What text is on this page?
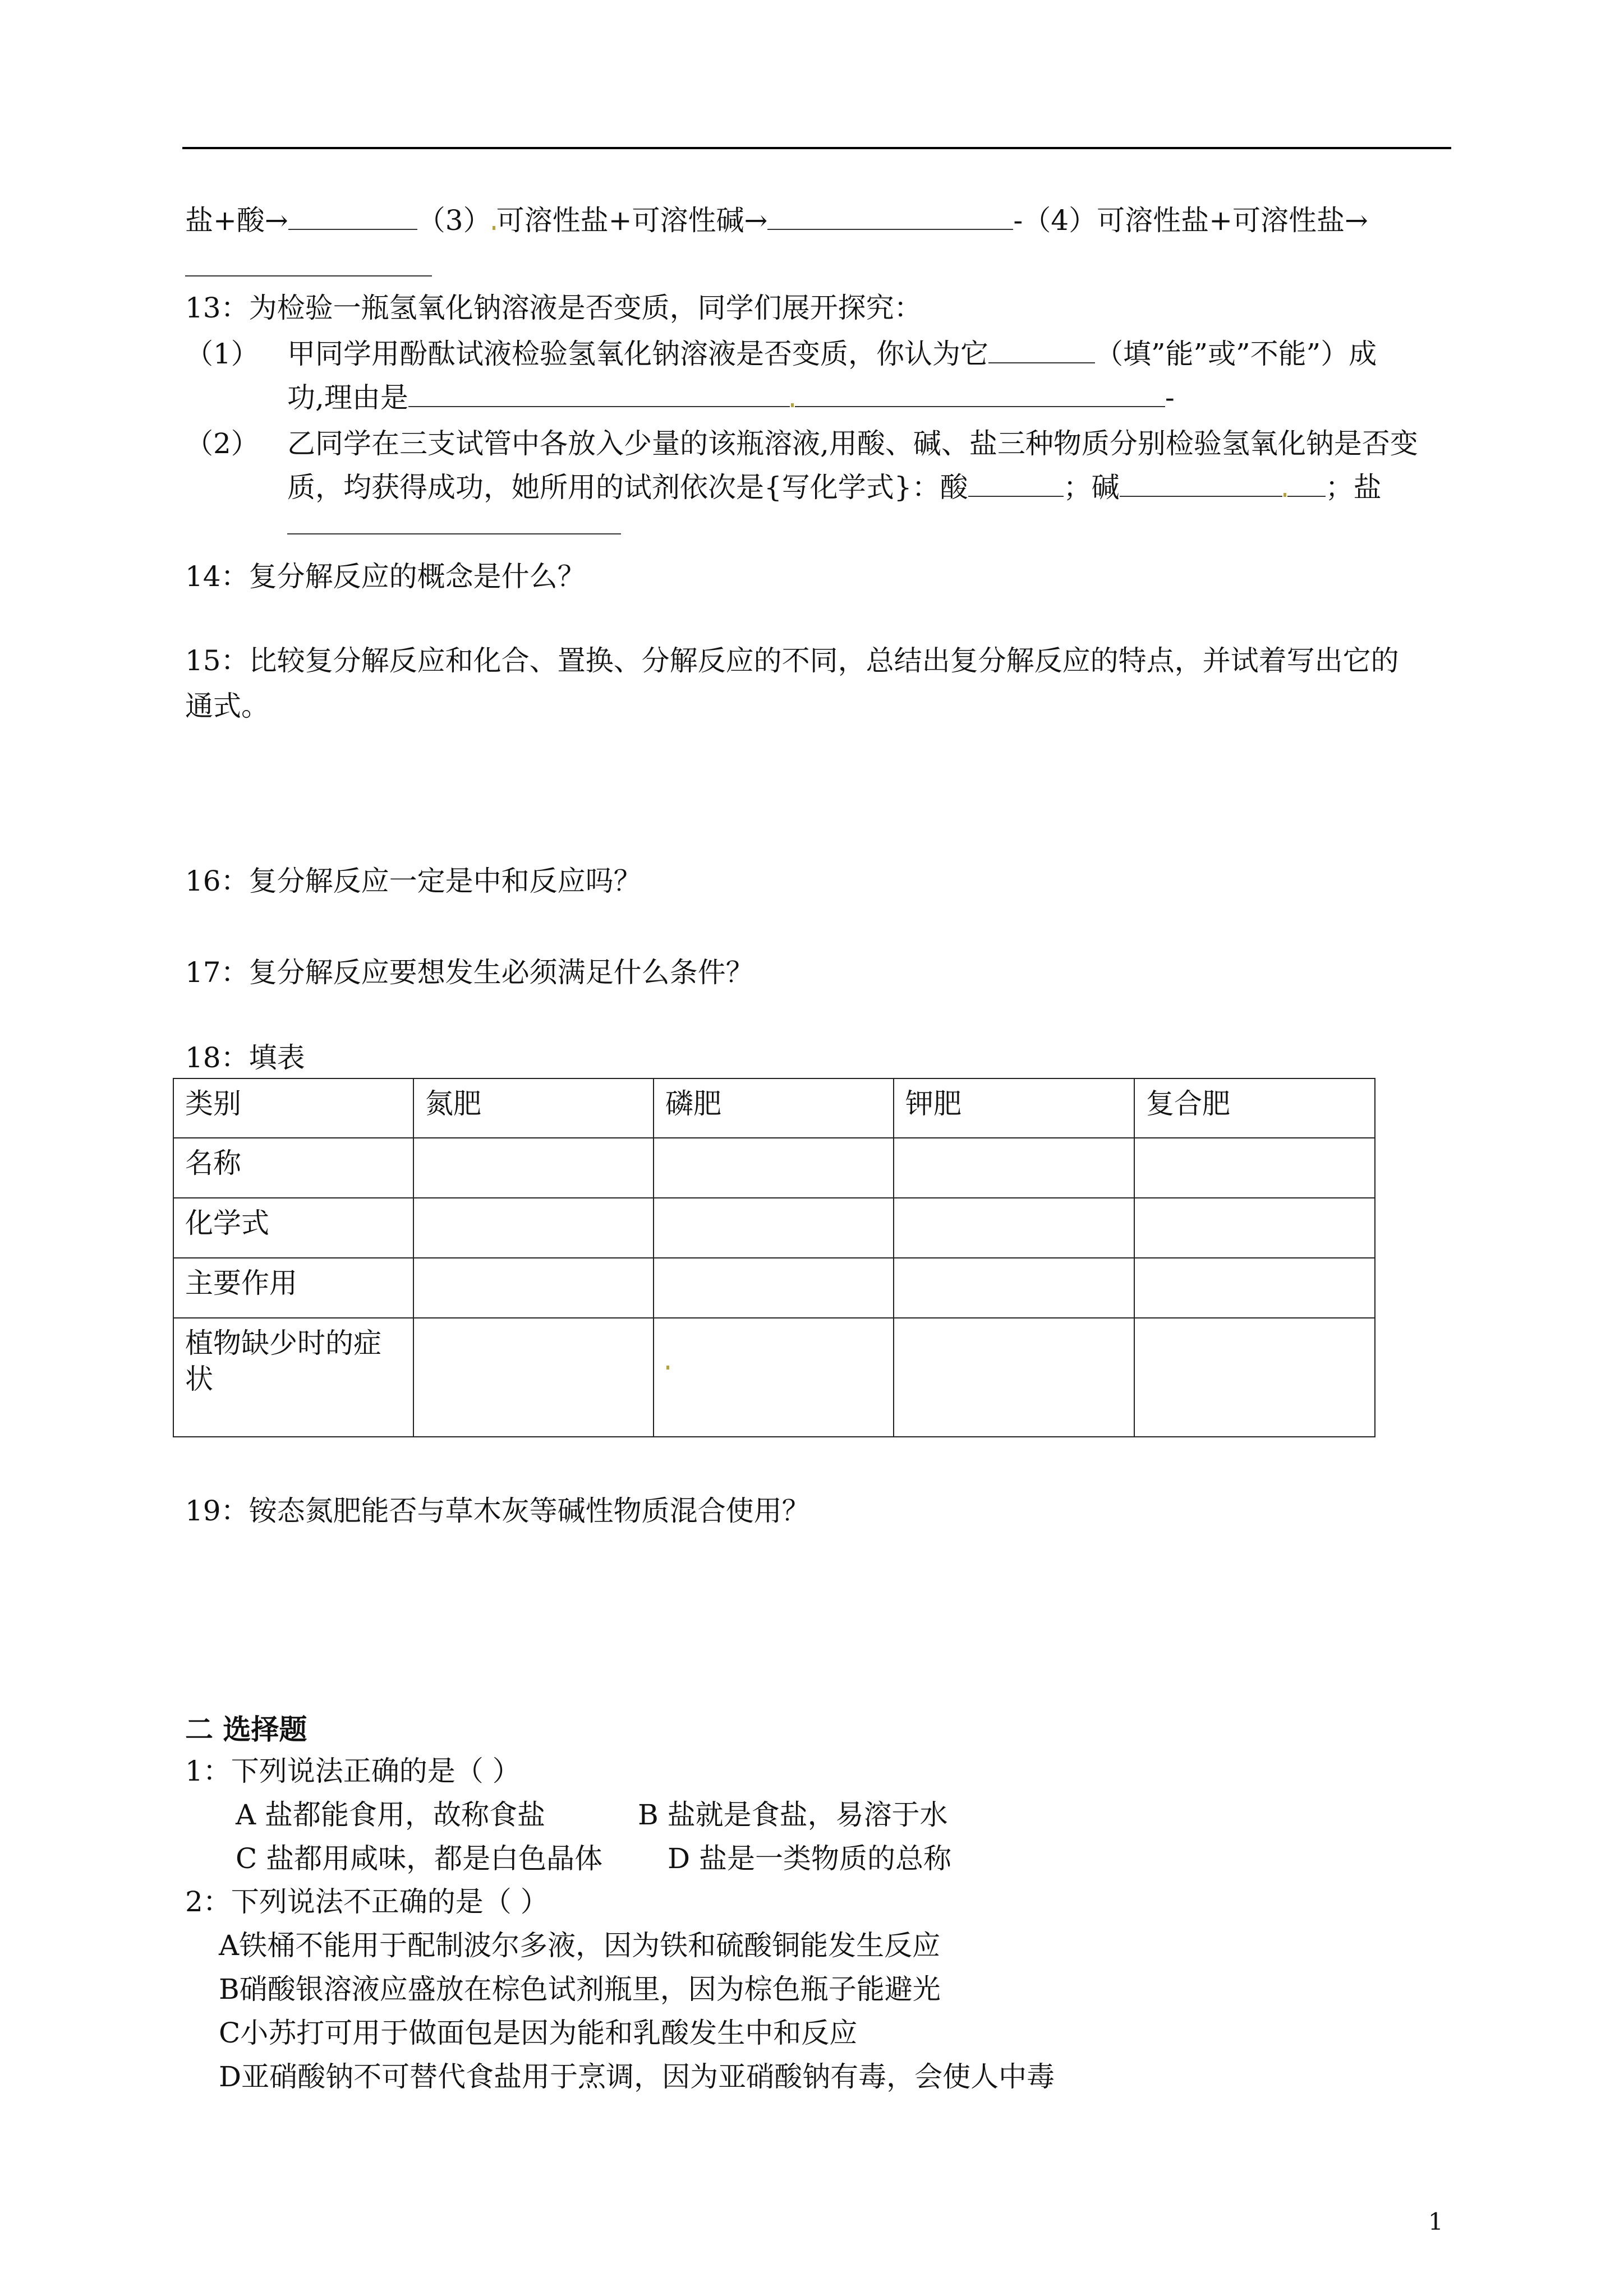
盐+酸→	（3） 可溶性盐+可溶性碱→	-（4）可溶性盐+可溶性盐→
13：为检验一瓶氢氧化钠溶液是否变质，同学们展开探究：
（1） 甲同学用酚酞试液检验氢氧化钠溶液是否变质，你认为它	（填”能”或”不能”）成
功,理由是	-
（2） 乙同学在三支试管中各放入少量的该瓶溶液,用酸、碱、盐三种物质分别检验氢氧化钠是否变
质，均获得成功，她所用的试剂依次是{写化学式}：酸	；碱	；盐
14：复分解反应的概念是什么？
15：比较复分解反应和化合、置换、分解反应的不同，总结出复分解反应的特点，并试着写出它的
通式。
16：复分解反应一定是中和反应吗？
17：复分解反应要想发生必须满足什么条件？
18：填表
类别	氮肥	磷肥	钾肥	复合肥
名称				
化学式				
主要作用				

植物缺少时的症
状				

19：铵态氮肥能否与草木灰等碱性物质混合使用？
二 选择题
1：下列说法正确的是（ ）
A 盐都能食用，故称食盐	B 盐就是食盐，易溶于水
C 盐都用咸味，都是白色晶体 D 盐是一类物质的总称
2：下列说法不正确的是（ ）
A铁桶不能用于配制波尔多液，因为铁和硫酸铜能发生反应
B硝酸银溶液应盛放在棕色试剂瓶里，因为棕色瓶子能避光
C小苏打可用于做面包是因为能和乳酸发生中和反应
D亚硝酸钠不可替代食盐用于烹调，因为亚硝酸钠有毒，会使人中毒
1
